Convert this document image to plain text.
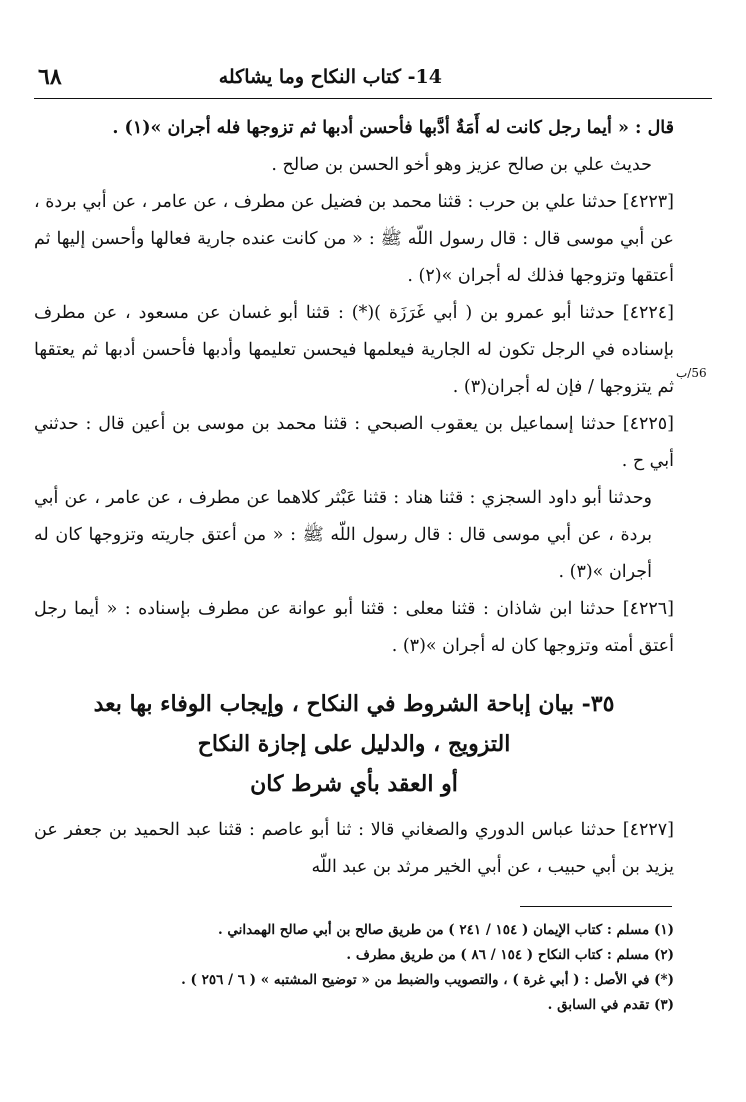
14- كتاب النكاح وما يشاكله
٦٨
56/ب

قال : « أيما رجل كانت له أَمَةٌ أدَّبها فأحسن أدبها ثم تزوجها فله أجران »(١) .

حديث علي بن صالح عزيز وهو أخو الحسن بن صالح .

[٤٢٢٣] حدثنا علي بن حرب : قثنا محمد بن فضيل عن مطرف ، عن عامر ، عن أبي بردة ، عن أبي موسى قال : قال رسول اللّه ﷺ : « من كانت عنده جارية فعالها وأحسن إليها ثم أعتقها وتزوجها فذلك له أجران »(٢) .

[٤٢٢٤] حدثنا أبو عمرو بن ( أبي غَرَزَة )(*) : قثنا أبو غسان عن مسعود ، عن مطرف بإسناده في الرجل تكون له الجارية فيعلمها فيحسن تعليمها وأدبها فأحسن أدبها ثم يعتقها ثم يتزوجها / فإن له أجران(٣) .

[٤٢٢٥] حدثنا إسماعيل بن يعقوب الصبحي : قثنا محمد بن موسى بن أعين قال : حدثني أبي ح .

وحدثنا أبو داود السجزي : قثنا هناد : قثنا عَبْثر كلاهما عن مطرف ، عن عامر ، عن أبي بردة ، عن أبي موسى قال : قال رسول اللّه ﷺ : « من أعتق جاريته وتزوجها كان له أجران »(٣) .

[٤٢٢٦] حدثنا ابن شاذان : قثنا معلى : قثنا أبو عوانة عن مطرف بإسناده : « أيما رجل أعتق أمته وتزوجها كان له أجران »(٣) .

٣٥- بيان إباحة الشروط في النكاح ، وإيجاب الوفاء بها بعد
التزويج ، والدليل على إجازة النكاح
أو العقد بأي شرط كان

[٤٢٢٧] حدثنا عباس الدوري والصغاني قالا : ثنا أبو عاصم : قثنا عبد الحميد بن جعفر عن يزيد بن أبي حبيب ، عن أبي الخير مرثد بن عبد اللّه

(١) مسلم : كتاب الإيمان ( ١٥٤ / ٢٤١ ) من طريق صالح بن أبي صالح الهمداني .
(٢) مسلم : كتاب النكاح ( ١٥٤ / ٨٦ ) من طريق مطرف .
(*) في الأصل : ( أبي غرة ) ، والتصويب والضبط من « توضيح المشتبه » ( ٦ / ٢٥٦ ) .
(٣) تقدم في السابق .
